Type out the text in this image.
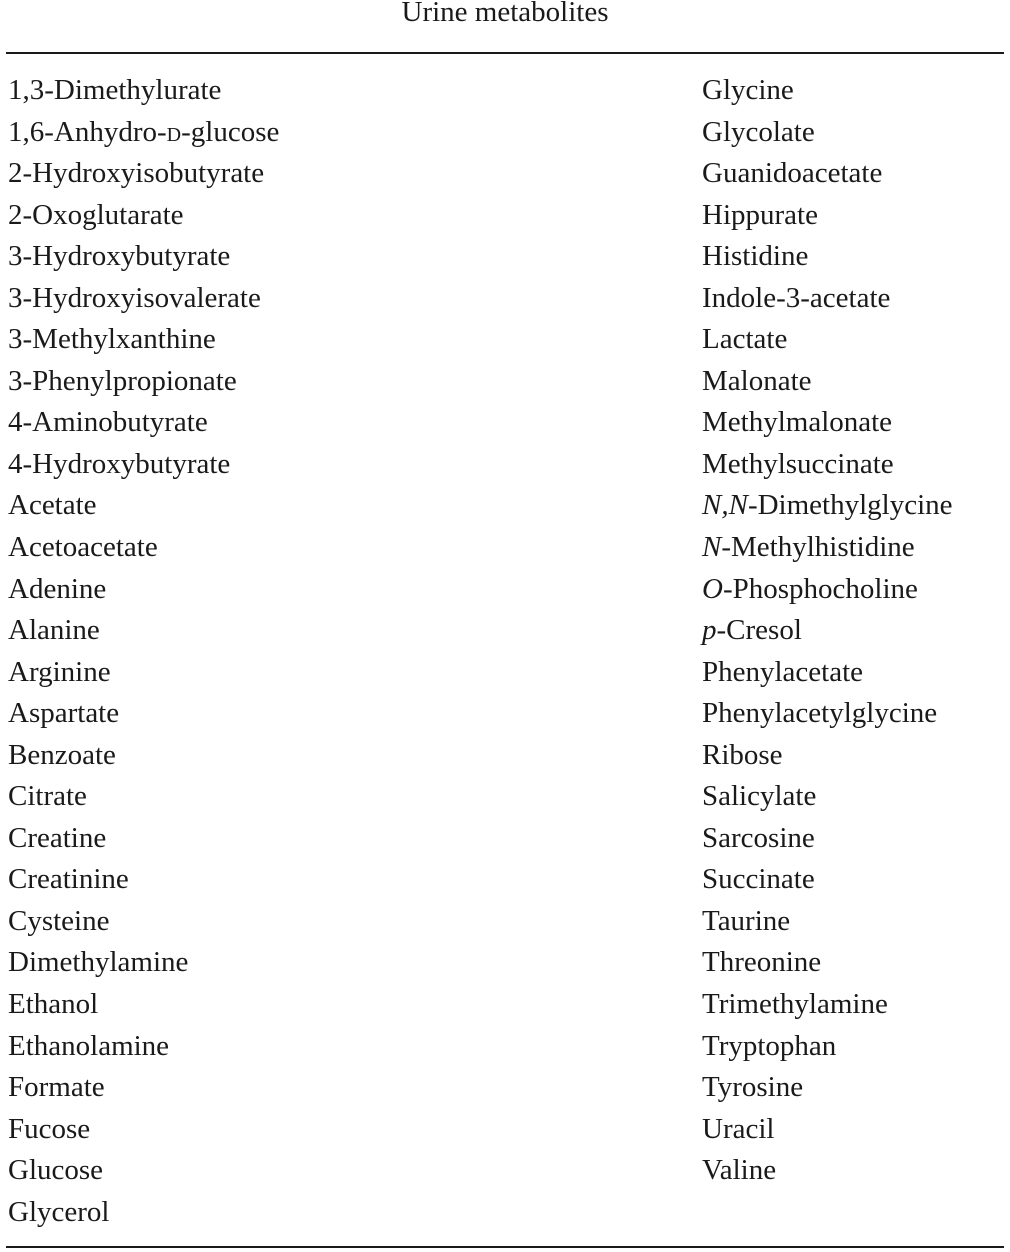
Urine metabolites
1,3-Dimethylurate
1,6-Anhydro-d-glucose
2-Hydroxyisobutyrate
2-Oxoglutarate
3-Hydroxybutyrate
3-Hydroxyisovalerate
3-Methylxanthine
3-Phenylpropionate
4-Aminobutyrate
4-Hydroxybutyrate
Acetate
Acetoacetate
Adenine
Alanine
Arginine
Aspartate
Benzoate
Citrate
Creatine
Creatinine
Cysteine
Dimethylamine
Ethanol
Ethanolamine
Formate
Fucose
Glucose
Glycerol
Glycine
Glycolate
Guanidoacetate
Hippurate
Histidine
Indole-3-acetate
Lactate
Malonate
Methylmalonate
Methylsuccinate
N,N-Dimethylglycine
N-Methylhistidine
O-Phosphocholine
p-Cresol
Phenylacetate
Phenylacetylglycine
Ribose
Salicylate
Sarcosine
Succinate
Taurine
Threonine
Trimethylamine
Tryptophan
Tyrosine
Uracil
Valine
